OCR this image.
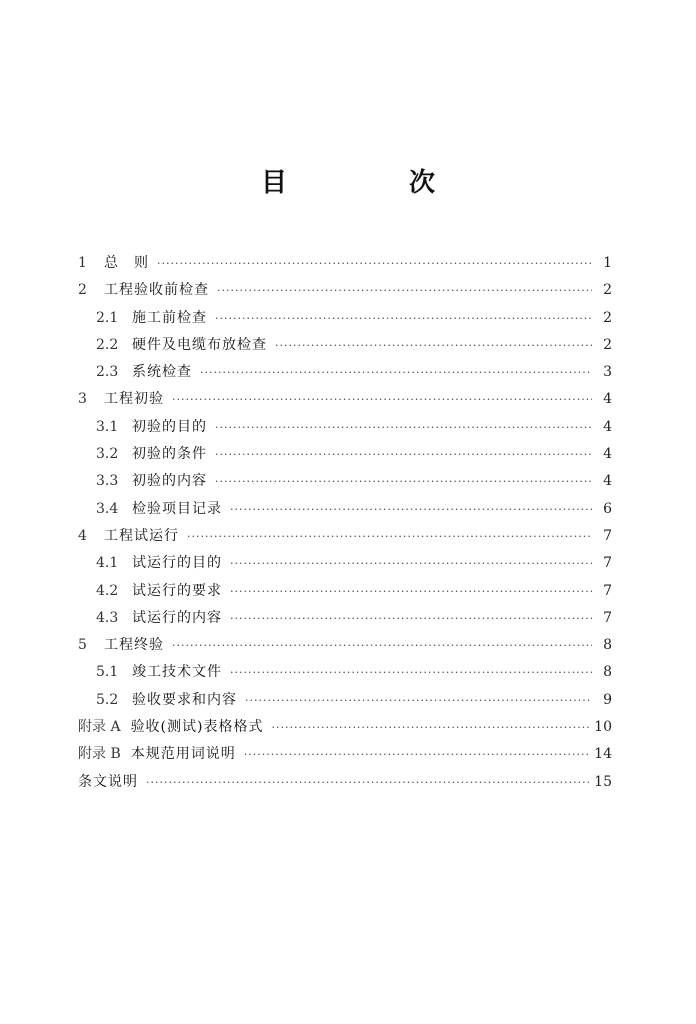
目　次
1	总　则 ·····	1
2	工程验收前检查 ·····	2
2.1 施工前检查 ·····	2
2.2 硬件及电缆布放检查 ·····	2
2.3 系统检查 ·····	3
3	工程初验 ·····	4
3.1 初验的目的 ·····	4
3.2 初验的条件 ·····	4
3.3 初验的内容 ·····	4
3.4 检验项目记录 ·····	6
4	工程试运行 ·····	7
4.1 试运行的目的 ·····	7
4.2 试运行的要求 ·····	7
4.3 试运行的内容 ·····	7
5	工程终验 ·····	8
5.1 竣工技术文件 ·····	8
5.2 验收要求和内容 ·····	9
附录 A 验收(测试)表格格式 ·····	10
附录 B 本规范用词说明 ·····	14
条文说明 ·····	15
